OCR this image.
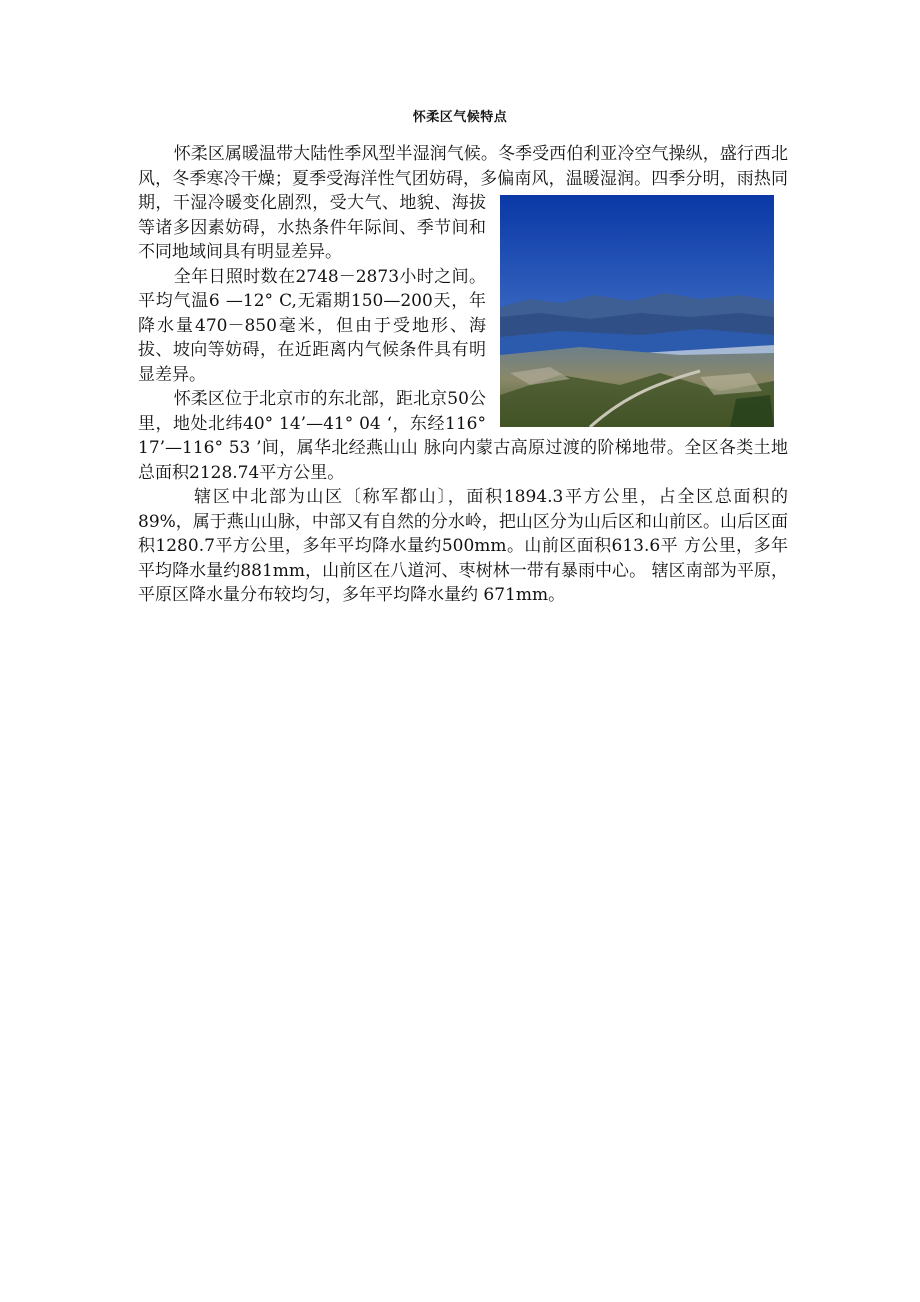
怀柔区气候特点

怀柔区属暖温带大陆性季风型半湿润气候。冬季受西伯利亚冷空气操纵，盛行西北风，冬季寒冷干燥；夏季受海洋性气团妨碍，多偏南风，温暖湿润。四季
分明，雨热同期，干湿冷暖变化剧烈，受大气、地貌、海拔等诸多因素妨碍，水热条件年际间、季节间和不同地域间具有明显差异。

全年日照时数在2748－2873小时之间。平均气温6 —12° C,无霜期150—200天，年降水量470－850毫米，但由于受地形、海拔、坡向等妨碍，在近距离内气候条件具有明显差异。

怀柔区位于北京市的东北部，距北京50公里，地处北纬40° 14’—41° 04 ‘，东经116° 17’—116° 53 ’间，属华北经燕山山 脉向内蒙古高原过渡的阶梯地带。全区各类土地总面积2128.74平方公里。

辖区中北部为山区〔称军都山〕，面积1894.3平方公里，占全区总面积的 89%，属于燕山山脉，中部又有自然的分水岭，把山区分为山后区和山前区。山后区面积1280.7平方公里，多年平均降水量约500mm。山前区面积613.6平 方公里，多年平均降水量约881mm，山前区在八道河、枣树林一带有暴雨中心。 辖区南部为平原，平原区降水量分布较均匀，多年平均降水量约 671mm。
